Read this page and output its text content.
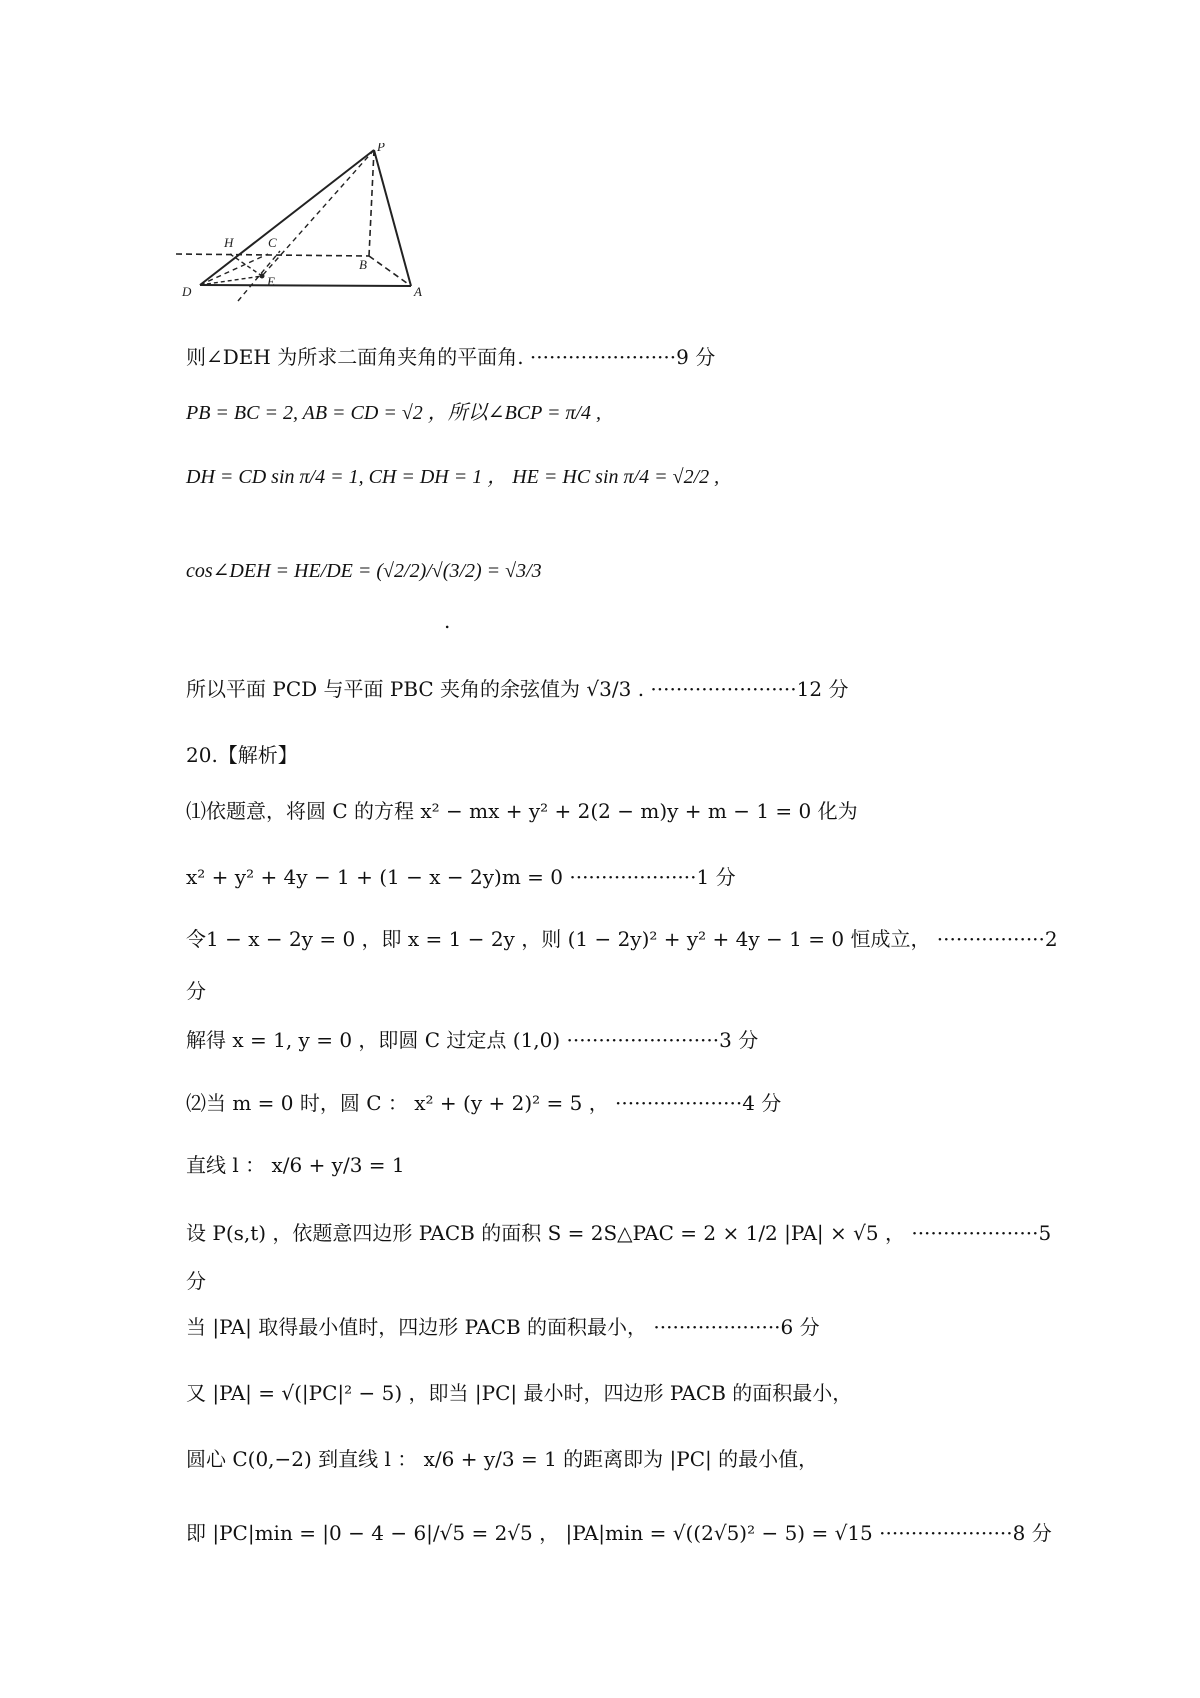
P
H	C
B
D
E
A
则∠DEH 为所求二面角夹角的平面角. ·······················9 分
PB = BC = 2, AB = CD = √2 ，所以∠BCP = π/4 ,
DH = CD sin π/4 = 1, CH = DH = 1 ， HE = HC sin π/4 = √2/2 ,
cos∠DEH = HE/DE = (√2/2)/√(3/2) = √3/3
.
所以平面 PCD 与平面 PBC 夹角的余弦值为 √3/3 . ·······················12 分
20.【解析】
⑴依题意，将圆 C 的方程 x² − mx + y² + 2(2 − m)y + m − 1 = 0 化为
x² + y² + 4y − 1 + (1 − x − 2y)m = 0 ····················1 分
令1 − x − 2y = 0 ，即 x = 1 − 2y ，则 (1 − 2y)² + y² + 4y − 1 = 0 恒成立， ·················2
分
解得 x = 1, y = 0 ，即圆 C 过定点 (1,0) ························3 分
⑵当 m = 0 时，圆 C ： x² + (y + 2)² = 5 ， ····················4 分
直线 l ： x/6 + y/3 = 1
设 P(s,t) ，依题意四边形 PACB 的面积 S = 2S△PAC = 2 × 1/2 |PA| × √5 ， ····················5
分
当 |PA| 取得最小值时，四边形 PACB 的面积最小， ····················6 分
又 |PA| = √(|PC|² − 5) ，即当 |PC| 最小时，四边形 PACB 的面积最小，
圆心 C(0,−2) 到直线 l ： x/6 + y/3 = 1 的距离即为 |PC| 的最小值，
即 |PC|min = |0 − 4 − 6|/√5 = 2√5 ， |PA|min = √((2√5)² − 5) = √15 ·····················8 分
